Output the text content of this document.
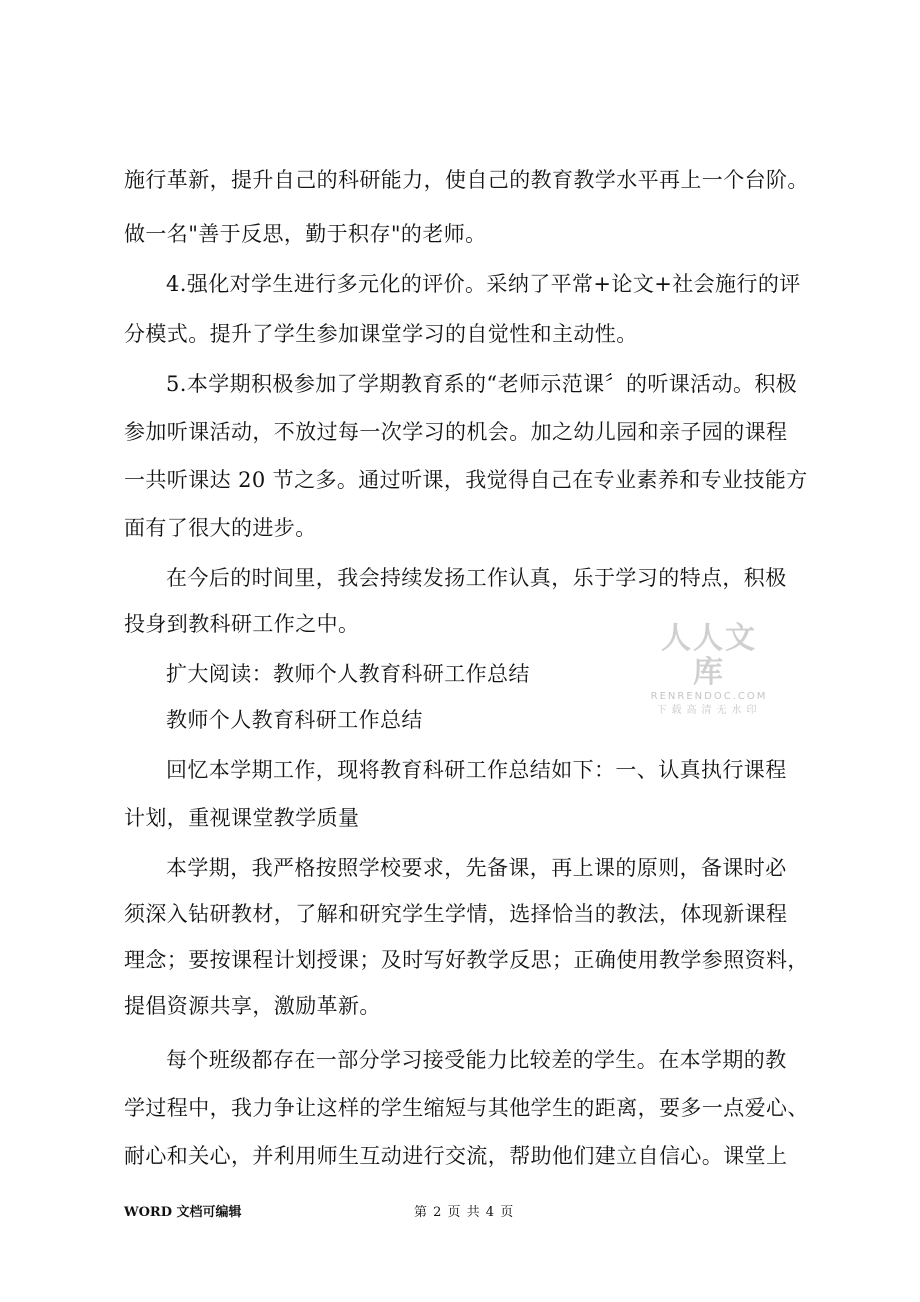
施行革新，提升自己的科研能力，使自己的教育教学水平再上一个台阶。
做一名"善于反思，勤于积存"的老师。
4.强化对学生进行多元化的评价。采纳了平常+论文+社会施行的评
分模式。提升了学生参加课堂学习的自觉性和主动性。
5.本学期积极参加了学期教育系的“老师示范课〞的听课活动。积极
参加听课活动，不放过每一次学习的机会。加之幼儿园和亲子园的课程
一共听课达 20 节之多。通过听课，我觉得自己在专业素养和专业技能方
面有了很大的进步。
在今后的时间里，我会持续发扬工作认真，乐于学习的特点，积极
投身到教科研工作之中。
扩大阅读：教师个人教育科研工作总结
教师个人教育科研工作总结
回忆本学期工作，现将教育科研工作总结如下：一、认真执行课程
计划，重视课堂教学质量
本学期，我严格按照学校要求，先备课，再上课的原则，备课时必
须深入钻研教材，了解和研究学生学情，选择恰当的教法，体现新课程
理念；要按课程计划授课；及时写好教学反思；正确使用教学参照资料，
提倡资源共享，激励革新。
每个班级都存在一部分学习接受能力比较差的学生。在本学期的教
学过程中，我力争让这样的学生缩短与其他学生的距离，要多一点爱心、
耐心和关心，并利用师生互动进行交流，帮助他们建立自信心。课堂上
人人文库
RENRENDOC.COM
下载高清无水印
WORD 文档可编辑	第 2 页 共 4 页
